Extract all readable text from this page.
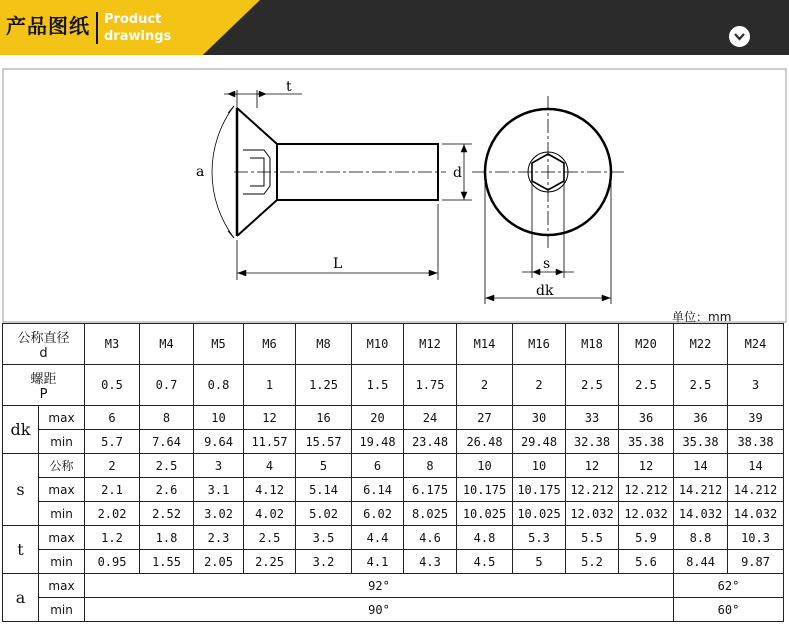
产品图纸 Product
drawings
t
a	d
L	s
dk
单位：mm
公称直径
d		M3	M4	M5	M6	M8	M10	M12	M14	M16	M18	M20	M22	M24

螺距
P		0.5	0.7	0.8	1	1.25	1.5	1.75	2	2	2.5	2.5	2.5	3
dk	max	6	8	10	12	16	20	24	27	30	33	36	36	39
	min	5.7	7.64	9.64	11.57	15.57	19.48	23.48	26.48	29.48	32.38	35.38	35.38	38.38
s	公称	2	2.5	3	4	5	6	8	10	10	12	12	14	14
	max	2.1	2.6	3.1	4.12	5.14	6.14	6.175	10.175	10.175	12.212	12.212	14.212	14.212
	min	2.02	2.52	3.02	4.02	5.02	6.02	8.025	10.025	10.025	12.032	12.032	14.032	14.032
t	max	1.2	1.8	2.3	2.5	3.5	4.4	4.6	4.8	5.3	5.5	5.9	8.8	10.3
	min	0.95	1.55	2.05	2.25	3.2	4.1	4.3	4.5	5	5.2	5.6	8.44	9.87
a	max	92°											62°	
	min	90°											60°	
